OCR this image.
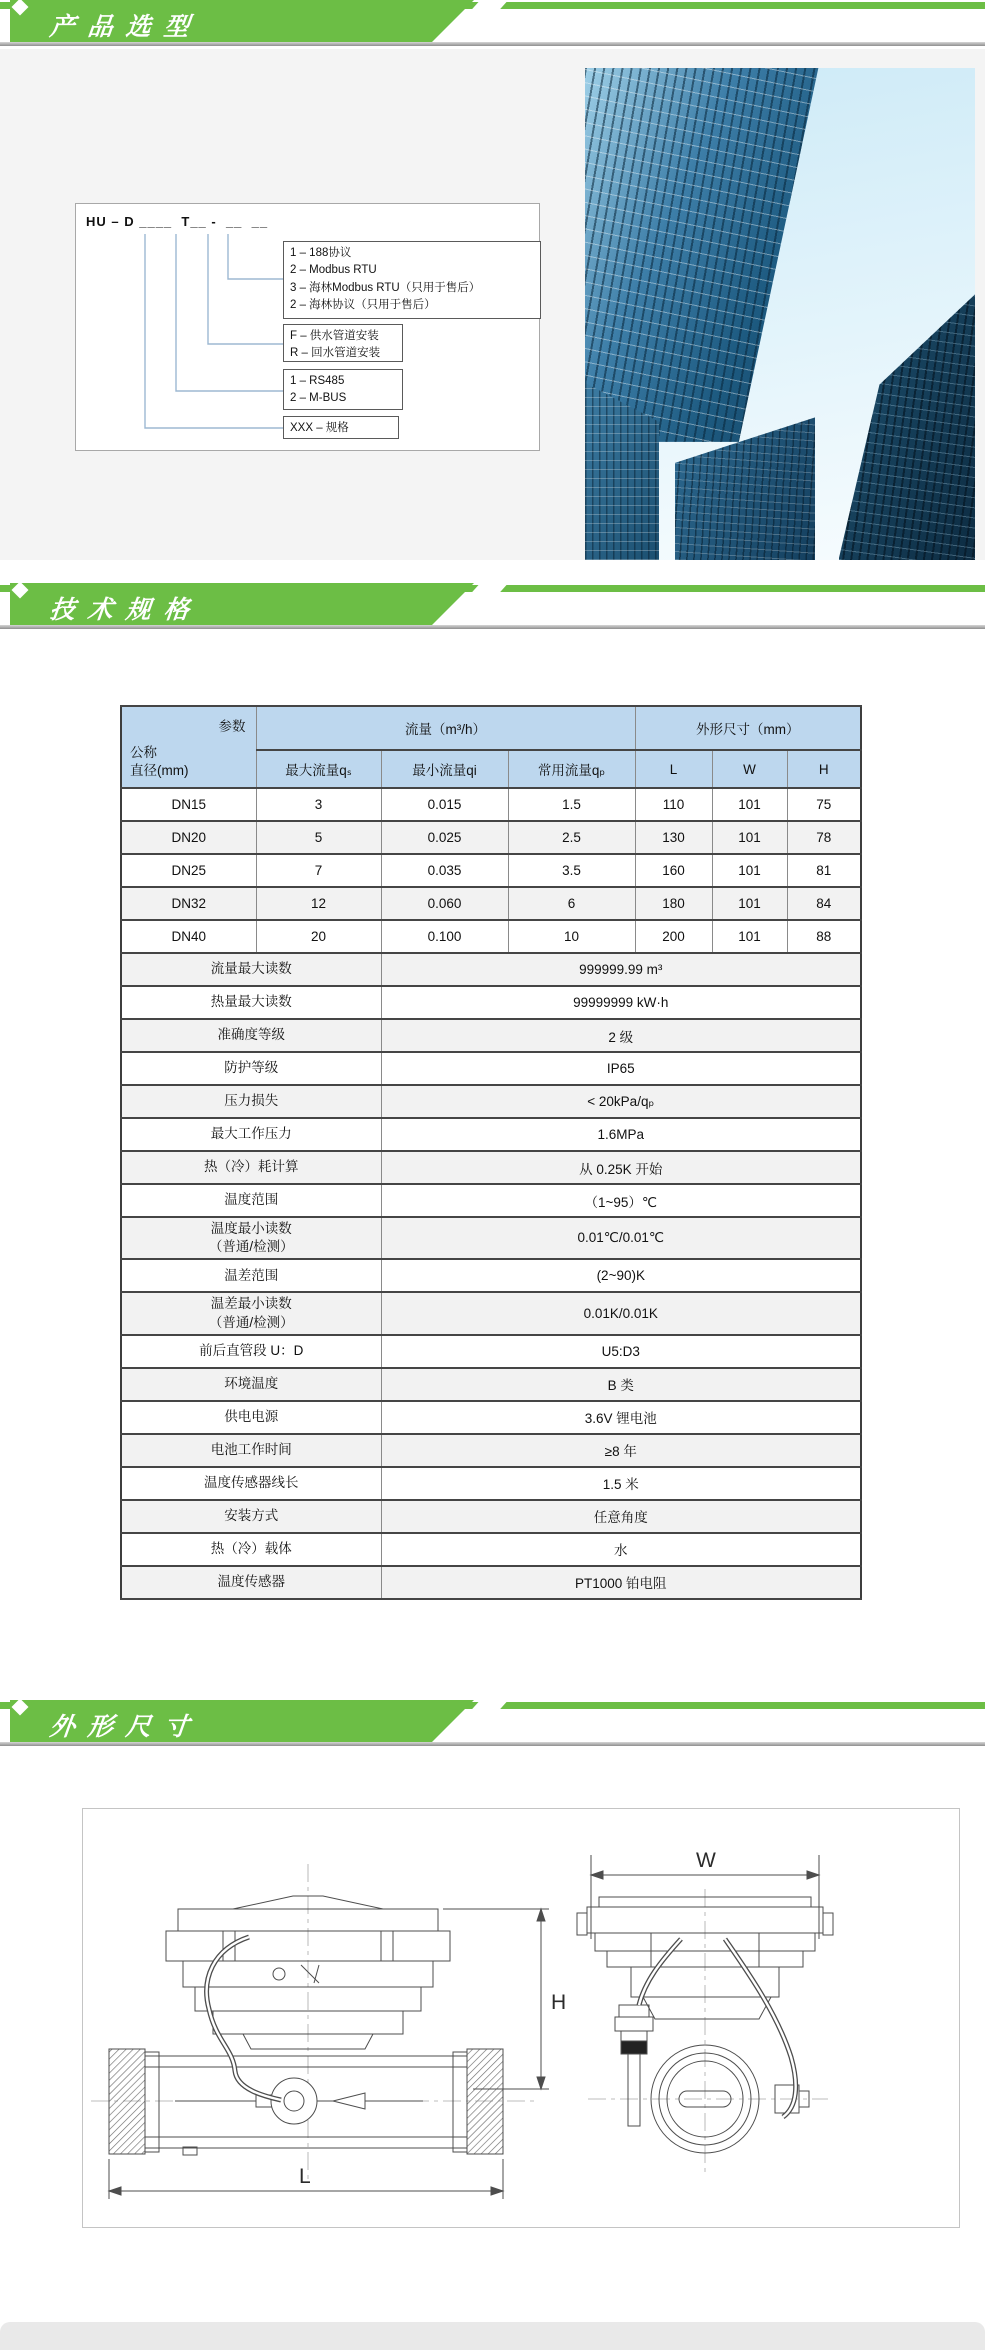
产品选型
HU – D ____  T__ -  __  __
1 – 188协议
2 – Modbus RTU
3 – 海林Modbus RTU（只用于售后）
2 – 海林协议（只用于售后）
F – 供水管道安装
R – 回水管道安装
1 – RS485
2 – M-BUS
XXX – 规格
技术规格
参数
公称
直径(mm)	流量（m³/h）			外形尺寸（mm）		
	最大流量qₛ	最小流量qi	常用流量qₚ	L	W	H
DN15	3	0.015	1.5	110	101	75
DN20	5	0.025	2.5	130	101	78
DN25	7	0.035	3.5	160	101	81
DN32	12	0.060	6	180	101	84
DN40	20	0.100	10	200	101	88

流量最大读数		999999.99 m³				

热量最大读数		99999999 kW·h				

准确度等级		2 级				

防护等级		IP65				

压力损失		< 20kPa/qₚ				

最大工作压力		1.6MPa				

热（冷）耗计算		从 0.25K 开始				

温度范围		（1~95）℃				

温度最小读数
（普通/检测）		0.01℃/0.01℃				

温差范围		(2~90)K				

温差最小读数
（普通/检测）		0.01K/0.01K				

前后直管段 U：D		U5:D3				

环境温度		B 类				

供电电源		3.6V 锂电池				

电池工作时间		≥8 年				

温度传感器线长		1.5 米				

安装方式		任意角度				

热（冷）载体		水				

温度传感器		PT1000 铂电阻				
外形尺寸
H
L
W
